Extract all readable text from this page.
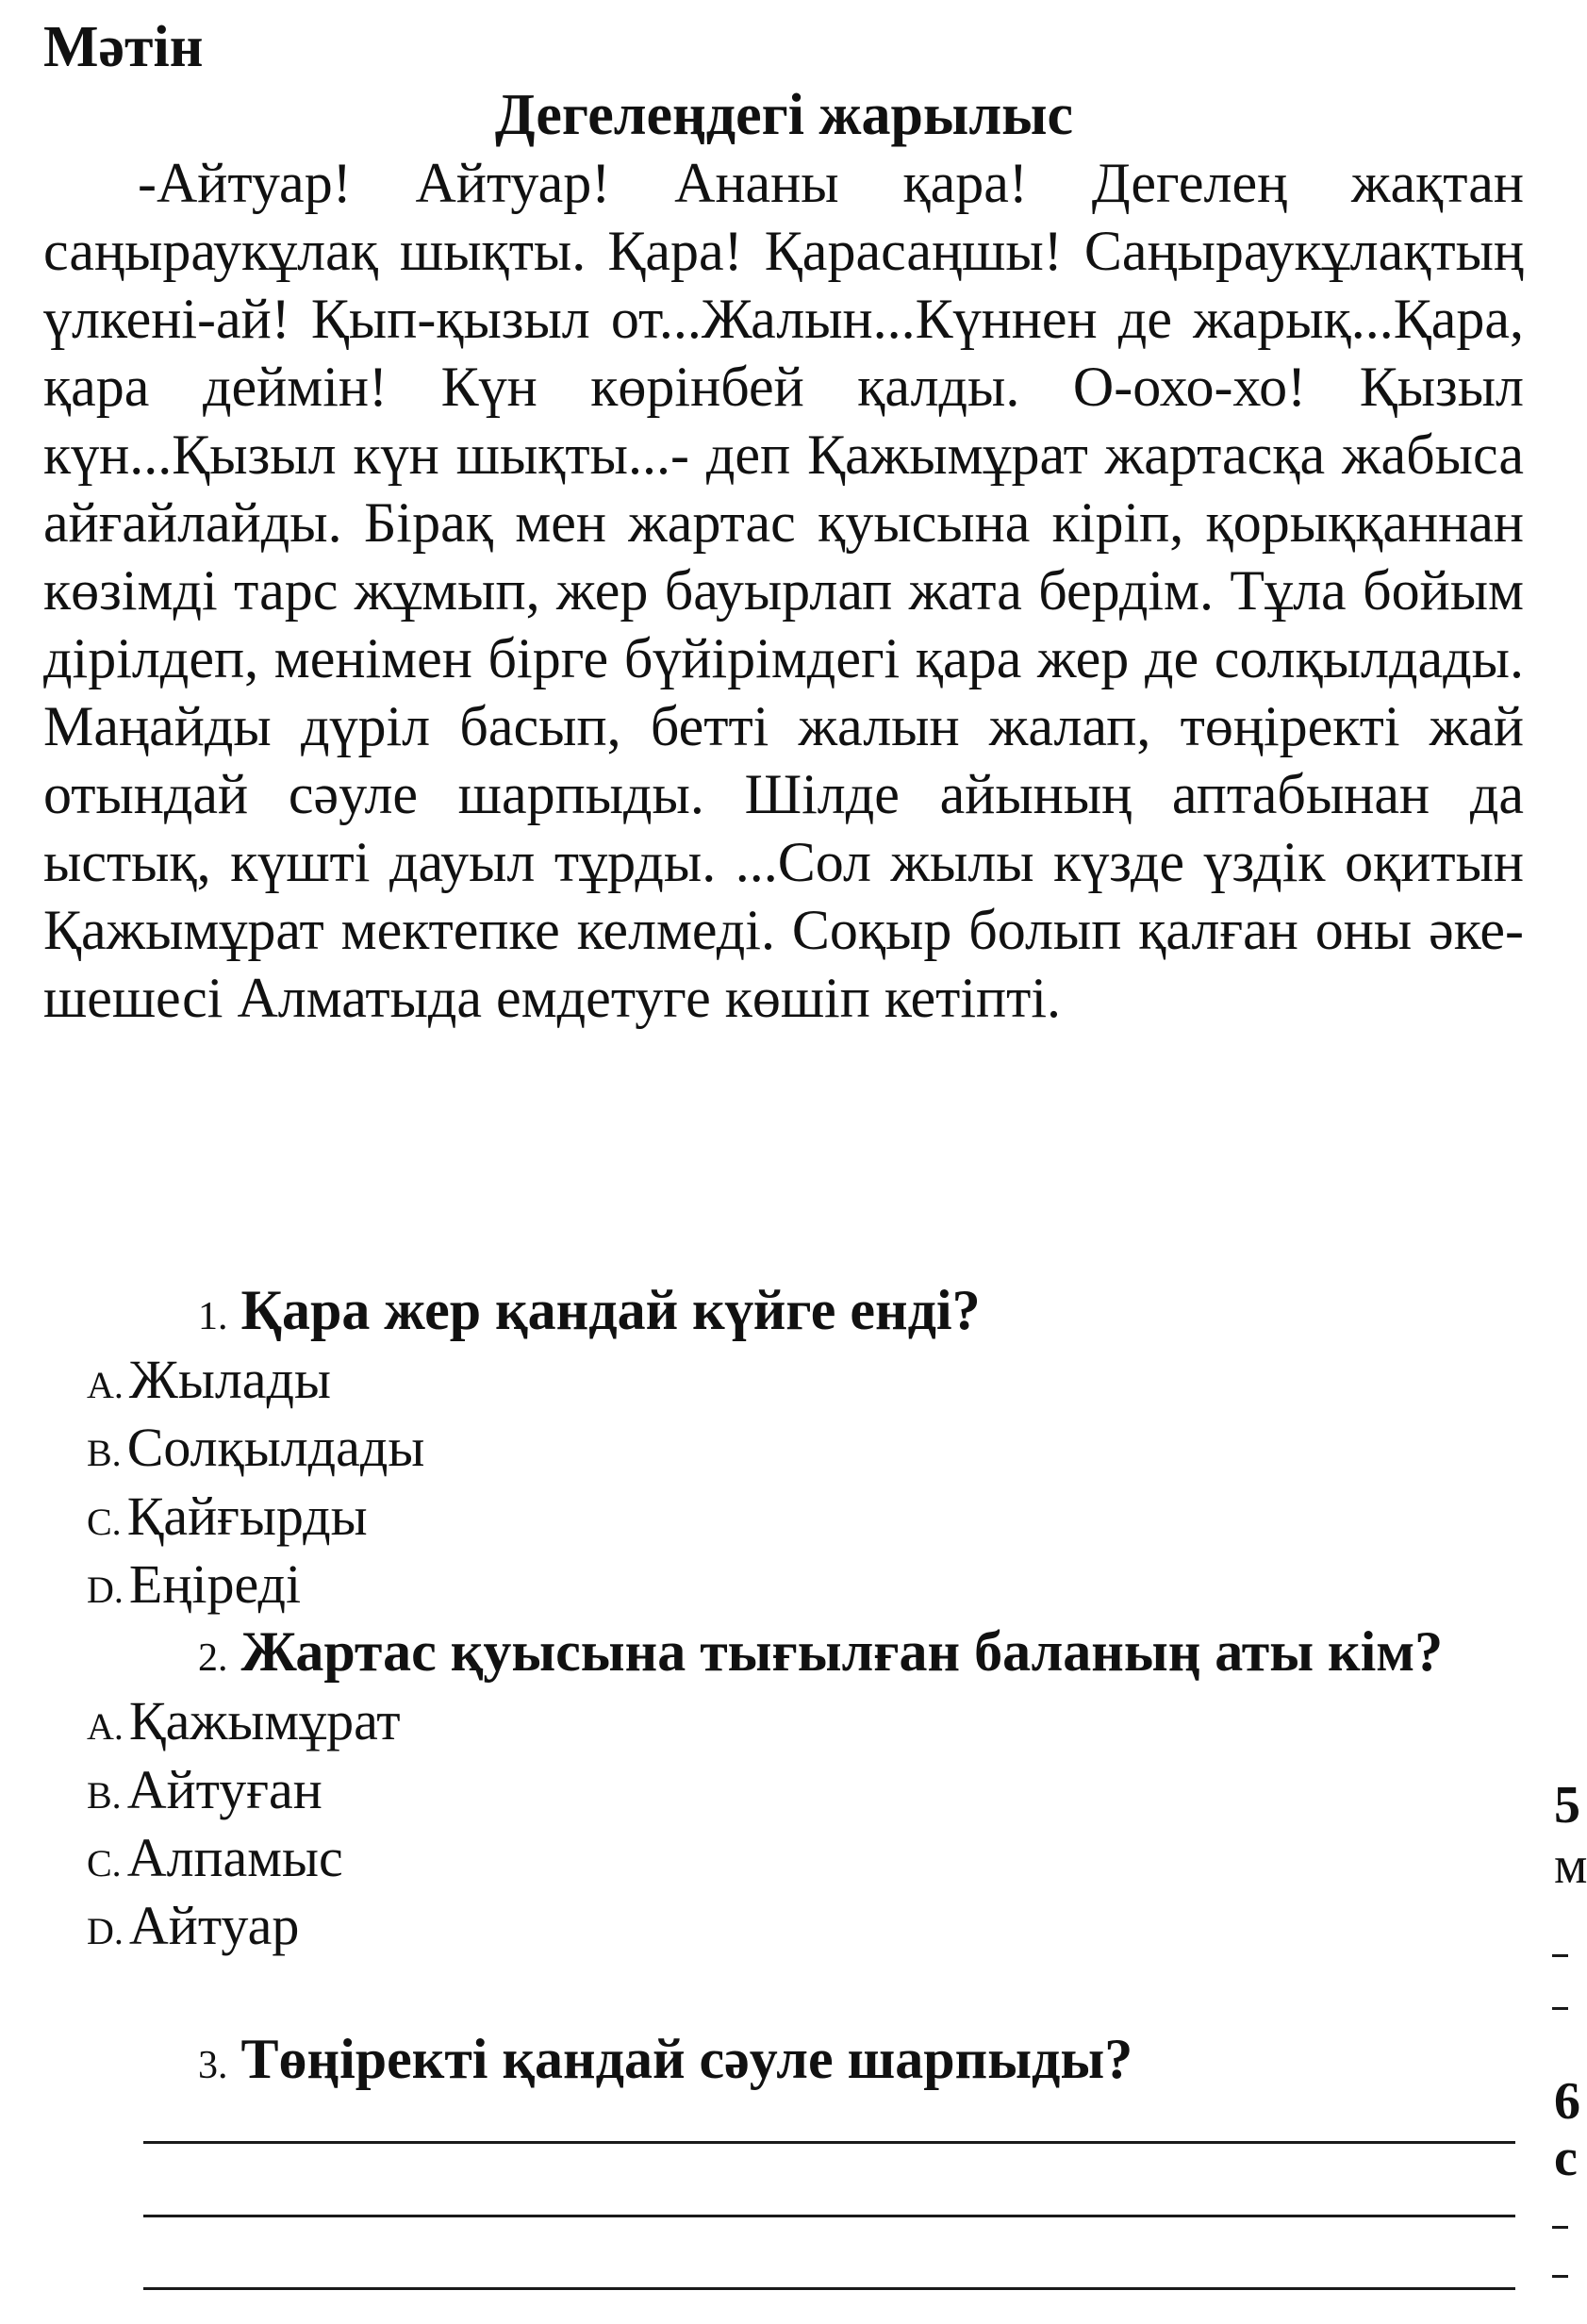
Мәтін
Дегелеңдегі жарылыс

-Айтуар! Айтуар! Ананы қара! Дегелең жақтан саңыраукұлақ шықты. Қара! Қарасаңшы! Саңыраукұлақтың үлкені-ай! Қып-қызыл от...Жалын...Күннен де жарық...Қара, қара деймін! Күн көрінбей қалды. О-охо-хо! Қызыл күн...Қызыл күн шықты...- деп Қажымұрат жартасқа жабыса айғайлайды. Бірақ мен жартас қуысына кіріп, қорыққаннан көзімді тарс жұмып, жер бауырлап жата бердім. Тұла бойым дірілдеп, менімен бірге бүйірімдегі қара жер де солқылдады. Маңайды дүріл басып, бетті жалын жалап, төңіректі жай отындай сәуле шарпыды. Шілде айының аптабынан да ыстық, күшті дауыл тұрды. ...Сол жылы күзде үздік оқитын Қажымұрат мектепке келмеді. Соқыр болып қалған оны әке-шешесі Алматыда емдетуге көшіп кетіпті.

1. Қара жер қандай күйге енді?
A. Жылады
B. Солқылдады
C. Қайғырды
D. Еңіреді
2. Жартас қуысына тығылған баланың аты кім?
A. Қажымұрат
B. Айтуған
C. Алпамыс
D. Айтуар
3. Төңіректі қандай сәуле шарпыды?
5
м
6
с
